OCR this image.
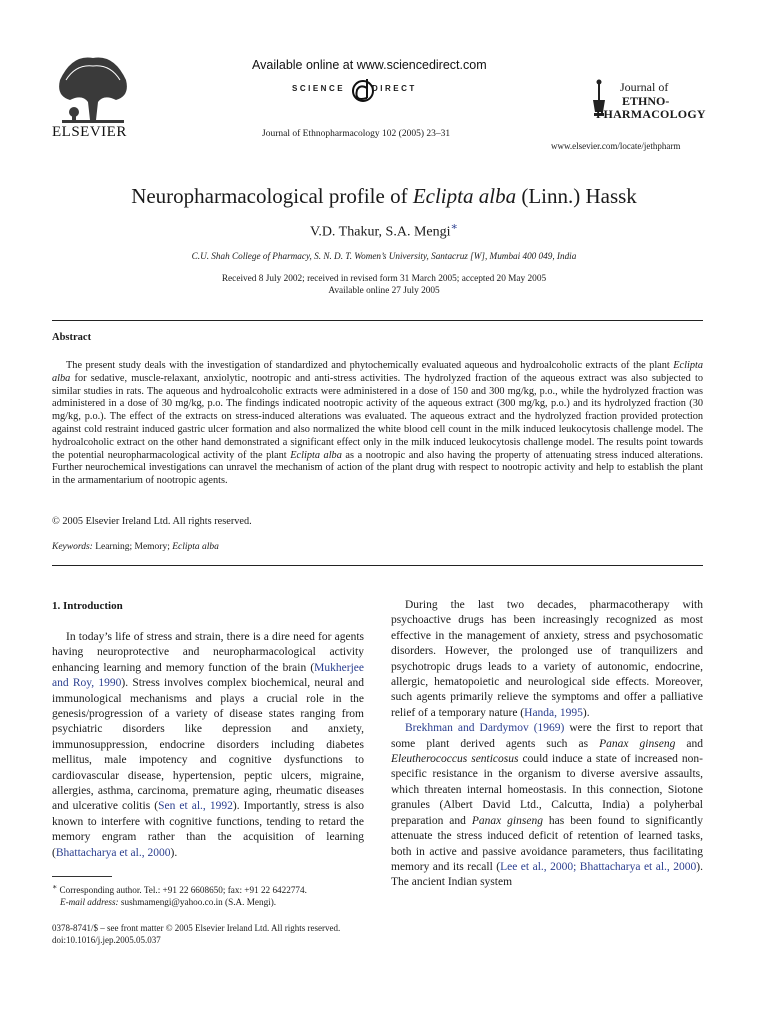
ELSEVIER
Available online at www.sciencedirect.com
SCIENCE	DIRECT
Journal of Ethnopharmacology 102 (2005) 23–31
Journal of
ETHNO-
PHARMACOLOGY
www.elsevier.com/locate/jethpharm
Neuropharmacological profile of Eclipta alba (Linn.) Hassk
V.D. Thakur, S.A. Mengi∗
C.U. Shah College of Pharmacy, S. N. D. T. Women’s University, Santacruz [W], Mumbai 400 049, India
Received 8 July 2002; received in revised form 31 March 2005; accepted 20 May 2005
Available online 27 July 2005
Abstract
The present study deals with the investigation of standardized and phytochemically evaluated aqueous and hydroalcoholic extracts of the plant Eclipta alba for sedative, muscle-relaxant, anxiolytic, nootropic and anti-stress activities. The hydrolyzed fraction of the aqueous extract was also subjected to similar studies in rats. The aqueous and hydroalcoholic extracts were administered in a dose of 150 and 300 mg/kg, p.o., while the hydrolyzed fraction was administered in a dose of 30 mg/kg, p.o. The findings indicated nootropic activity of the aqueous extract (300 mg/kg, p.o.) and its hydrolyzed fraction (30 mg/kg, p.o.). The effect of the extracts on stress-induced alterations was evaluated. The aqueous extract and the hydrolyzed fraction provided protection against cold restraint induced gastric ulcer formation and also normalized the white blood cell count in the milk induced leukocytosis challenge model. The hydroalcoholic extract on the other hand demonstrated a significant effect only in the milk induced leukocytosis challenge model. The results point towards the potential neuropharmacological activity of the plant Eclipta alba as a nootropic and also having the property of attenuating stress induced alterations. Further neurochemical investigations can unravel the mechanism of action of the plant drug with respect to nootropic activity and help to establish the plant in the armamentarium of nootropic agents.
© 2005 Elsevier Ireland Ltd. All rights reserved.
Keywords: Learning; Memory; Eclipta alba
1. Introduction

In today’s life of stress and strain, there is a dire need for agents having neuroprotective and neuropharmacological activity enhancing learning and memory function of the brain (Mukherjee and Roy, 1990). Stress involves complex biochemical, neural and immunological mechanisms and plays a crucial role in the genesis/progression of a variety of disease states ranging from psychiatric disorders like depression and anxiety, immunosuppression, endocrine disorders including diabetes mellitus, male impotency and cognitive dysfunctions to cardiovascular disease, hypertension, peptic ulcers, migraine, allergies, asthma, carcinoma, premature aging, rheumatic diseases and ulcerative colitis (Sen et al., 1992). Importantly, stress is also known to interfere with cognitive functions, tending to retard the memory engram rather than the acquisition of learning (Bhattacharya et al., 2000).

During the last two decades, pharmacotherapy with psychoactive drugs has been increasingly recognized as most effective in the management of anxiety, stress and psychosomatic disorders. However, the prolonged use of tranquilizers and psychotropic drugs leads to a variety of autonomic, endocrine, allergic, hematopoietic and neurological side effects. Moreover, such agents primarily relieve the symptoms and offer a palliative relief of a temporary nature (Handa, 1995).

Brekhman and Dardymov (1969) were the first to report that some plant derived agents such as Panax ginseng and Eleutherococcus senticosus could induce a state of increased non-specific resistance in the organism to diverse aversive assaults, which threaten internal homeostasis. In this connection, Siotone granules (Albert David Ltd., Calcutta, India) a polyherbal preparation and Panax ginseng has been found to significantly attenuate the stress induced deficit of retention of learned tasks, both in active and passive avoidance parameters, thus facilitating memory and its recall (Lee et al., 2000; Bhattacharya et al., 2000). The ancient Indian system

∗ Corresponding author. Tel.: +91 22 6608650; fax: +91 22 6422774.
E-mail address: sushmamengi@yahoo.co.in (S.A. Mengi).
0378-8741/$ – see front matter © 2005 Elsevier Ireland Ltd. All rights reserved.
doi:10.1016/j.jep.2005.05.037
